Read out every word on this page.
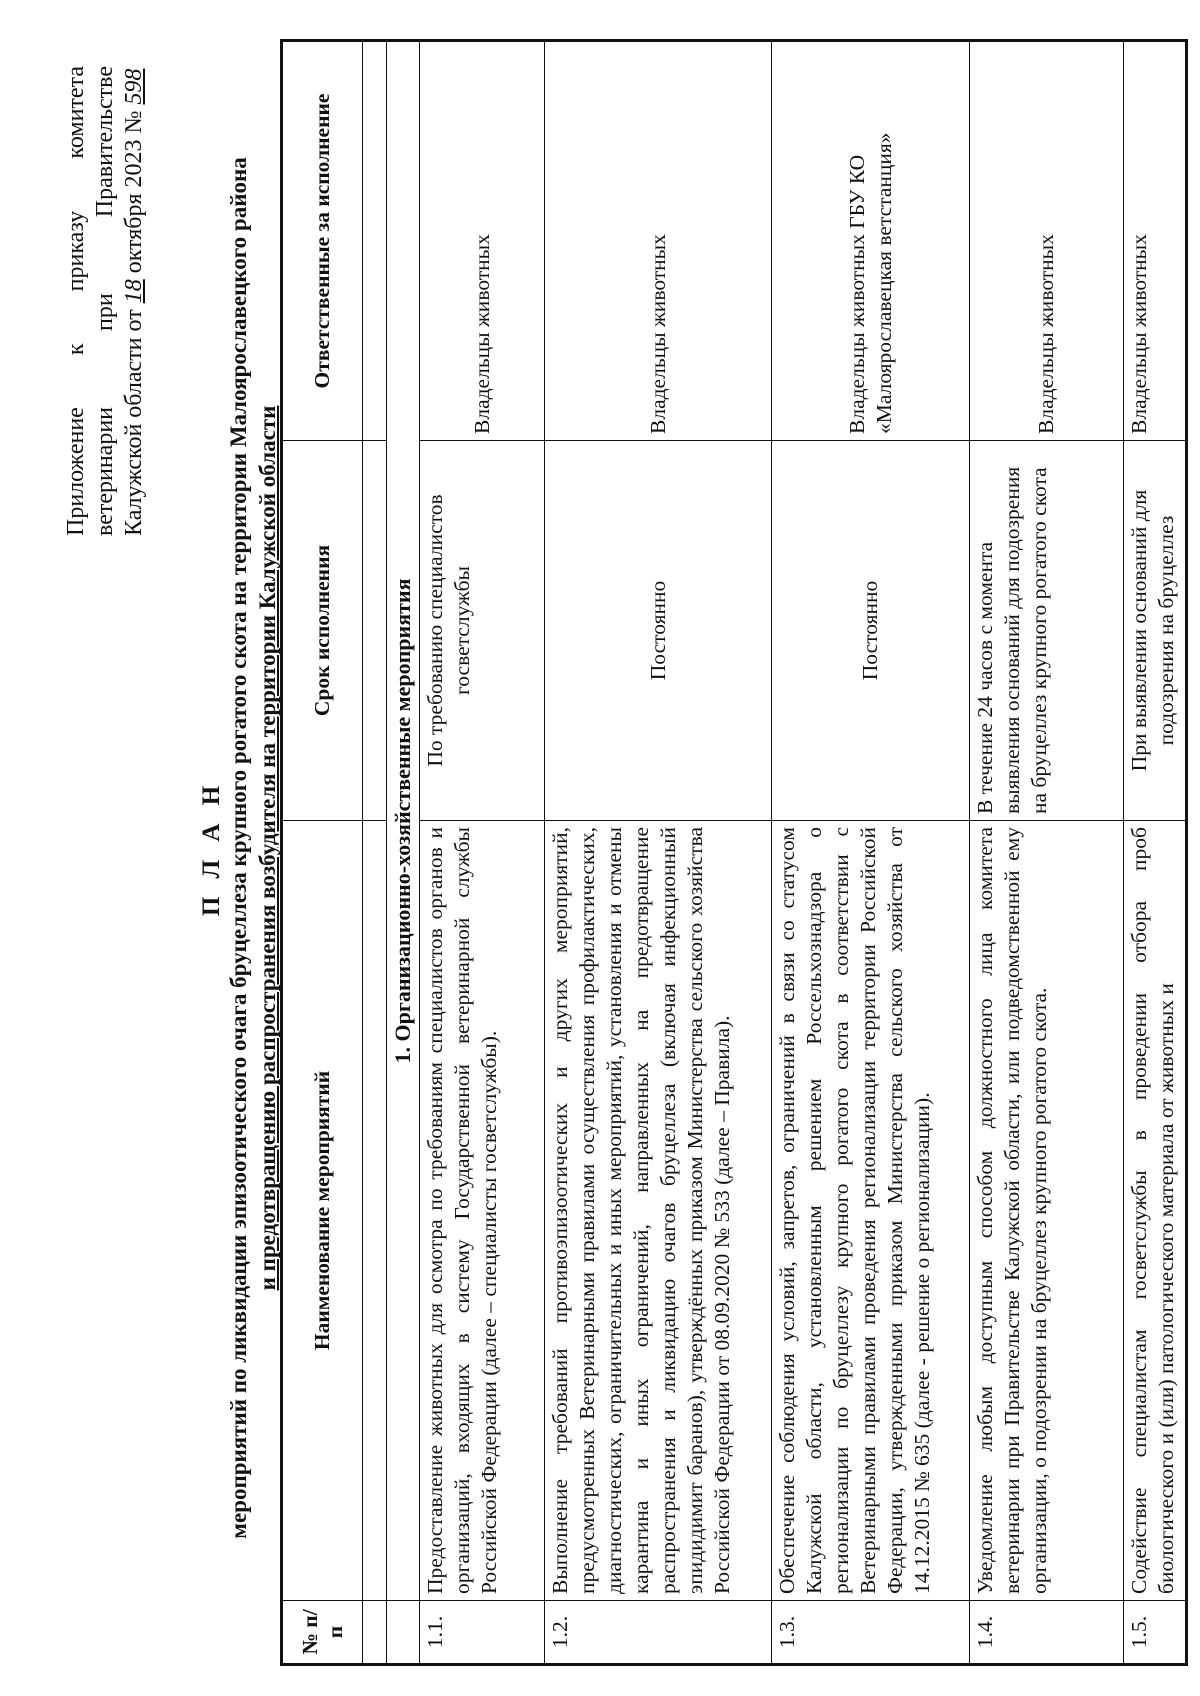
Приложение к приказу комитета ветеринарии при Правительстве Калужской области от 18 октября 2023 № 598
П Л А Н мероприятий по ликвидации эпизоотического очага бруцеллеза крупного рогатого скота на территории Малоярославецкого района и предотвращению распространения возбудителя на территории Калужской области
№ п/п	Наименование мероприятий	Срок исполнения	Ответственные за исполнение

	1. Организационно-хозяйственные мероприятия		
1.1.	Предоставление животных для осмотра по требованиям специалистов органов и организаций, входящих в систему Государственной ветеринарной службы Российской Федерации (далее – специалисты госветслужбы).	По требованию специалистов госветслужбы	Владельцы животных
1.2.	Выполнение требований противоэпизоотических и других мероприятий, предусмотренных Ветеринарными правилами осуществления профилактических, диагностических, ограничительных и иных мероприятий, установления и отмены карантина и иных ограничений, направленных на предотвращение распространения и ликвидацию очагов бруцеллеза (включая инфекционный эпидидимит баранов), утверждённых приказом Министерства сельского хозяйства Российской Федерации от 08.09.2020 № 533 (далее – Правила).	Постоянно	Владельцы животных
1.3.	Обеспечение соблюдения условий, запретов, ограничений в связи со статусом Калужской области, установленным решением Россельхознадзора о регионализации по бруцеллезу крупного рогатого скота в соответствии с Ветеринарными правилами проведения регионализации территории Российской Федерации, утвержденными приказом Министерства сельского хозяйства от 14.12.2015 № 635 (далее - решение о регионализации).	Постоянно	Владельцы животных ГБУ КО «Малоярославецкая ветстанция»
1.4.	Уведомление любым доступным способом должностного лица комитета ветеринарии при Правительстве Калужской области, или подведомственной ему организации, о подозрении на бруцеллез крупного рогатого скота.	В течение 24 часов с момента выявления оснований для подозрения на бруцеллез крупного рогатого скота	Владельцы животных
1.5.	Содействие специалистам госветслужбы в проведении отбора проб биологического и (или) патологического материала от животных и	При выявлении оснований для подозрения на бруцеллез	Владельцы животных
